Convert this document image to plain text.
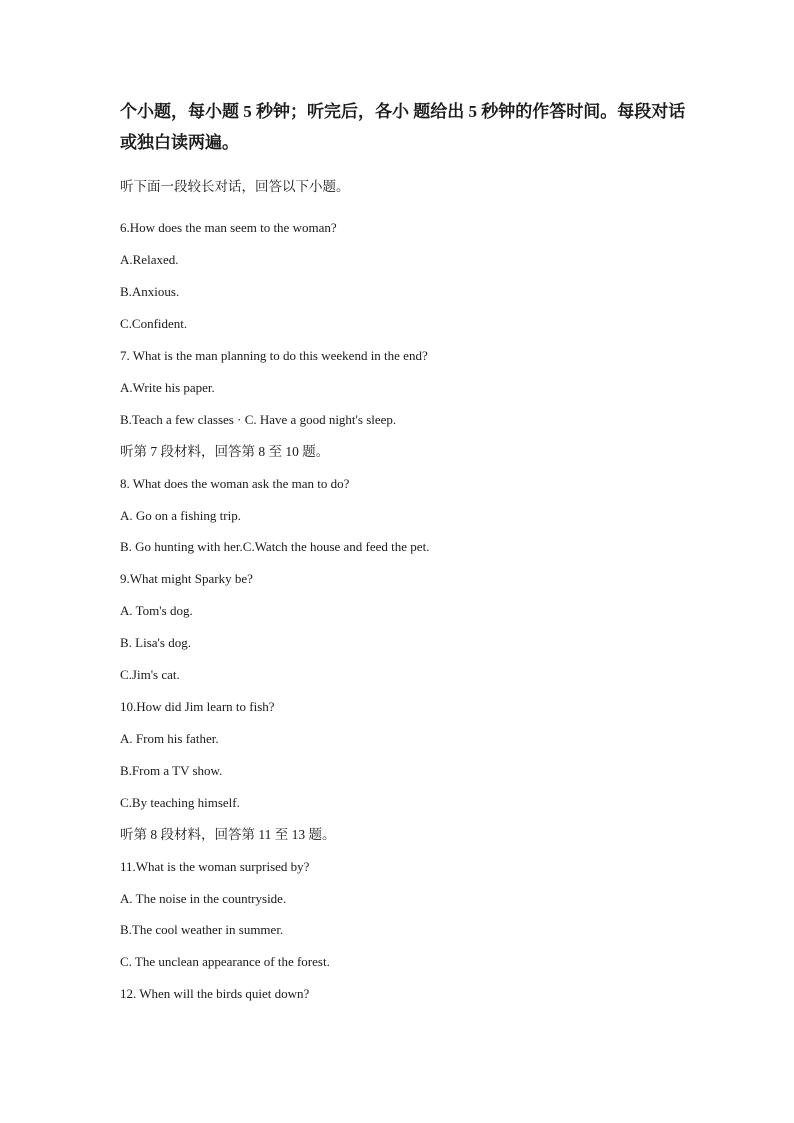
个小题，每小题 5 秒钟；听完后，各小 题给出 5 秒钟的作答时间。每段对话
或独白读两遍。
听下面一段较长对话，回答以下小题。
6.How does the man seem to the woman?
A.Relaxed.
B.Anxious.
C.Confident.
7. What is the man planning to do this weekend in the end?
A.Write his paper.
B.Teach a few classes · C. Have a good night's sleep.
听第 7 段材料，回答第 8 至 10 题。
8. What does the woman ask the man to do?
A. Go on a fishing trip.
B. Go hunting with her.C.Watch the house and feed the pet.
9.What might Sparky be?
A. Tom's dog.
B. Lisa's dog.
C.Jim's cat.
10.How did Jim learn to fish?
A. From his father.
B.From a TV show.
C.By teaching himself.
听第 8 段材料，回答第 11 至 13 题。
11.What is the woman surprised by?
A. The noise in the countryside.
B.The cool weather in summer.
C. The unclean appearance of the forest.
12. When will the birds quiet down?
